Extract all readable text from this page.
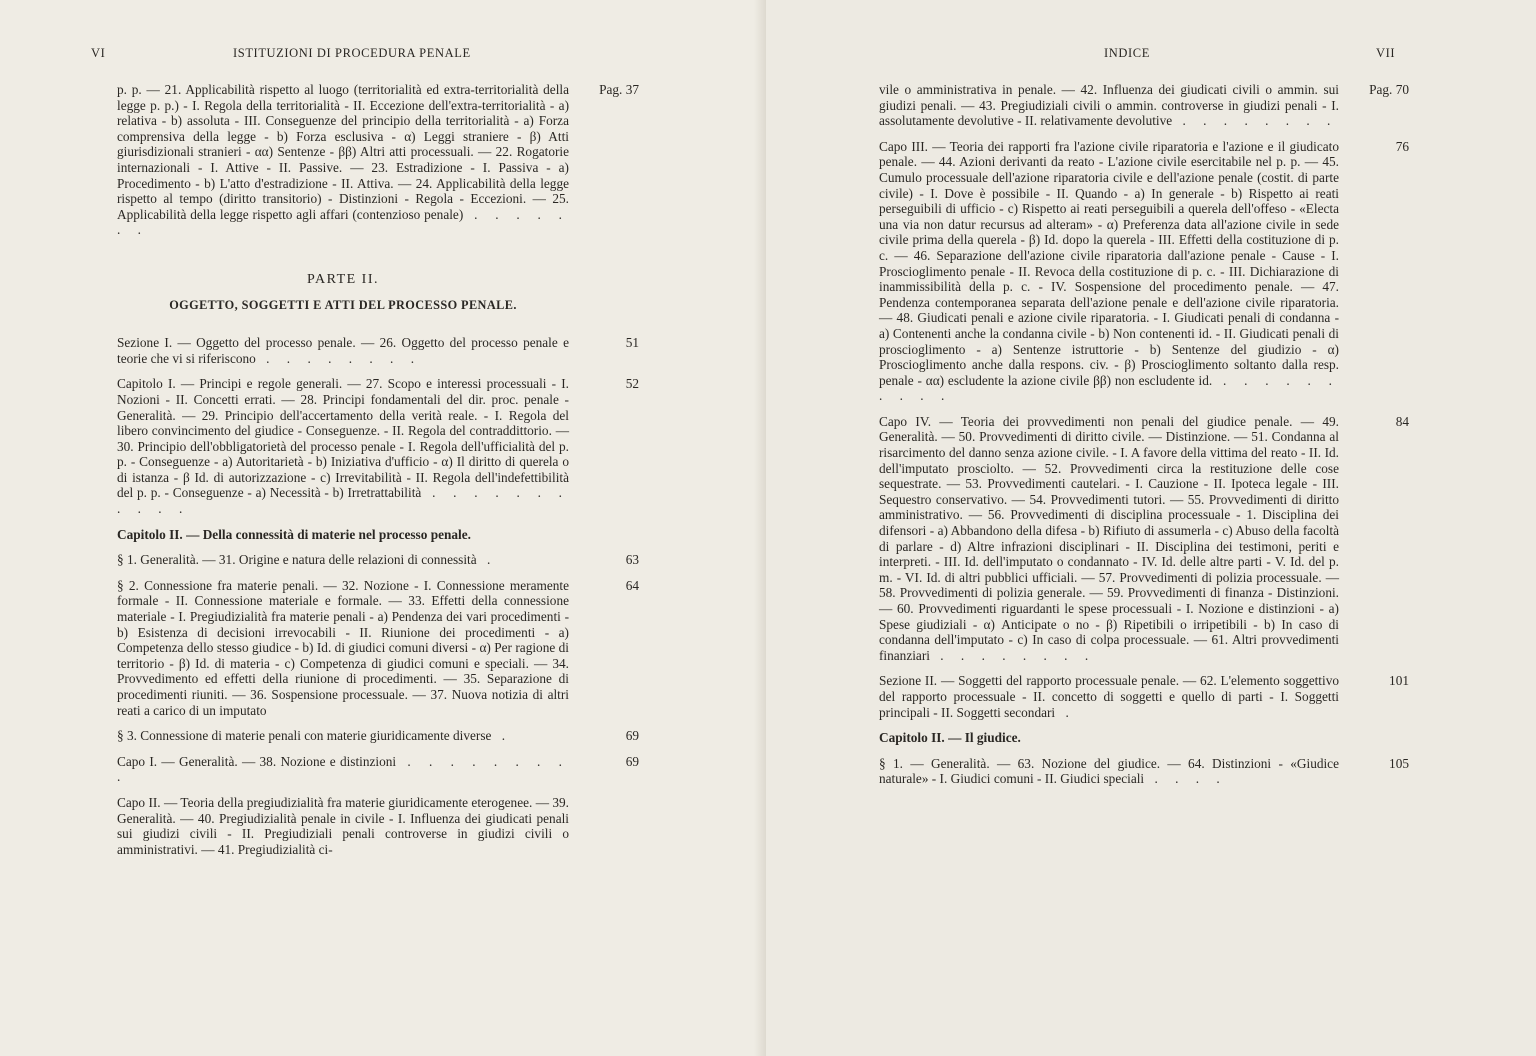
VI	ISTITUZIONI DI PROCEDURA PENALE
Pag. 37
p. p. — 21. Applicabilità rispetto al luogo (territorialità ed extra-territorialità della legge p. p.) - I. Regola della territorialità - II. Eccezione dell'extra-territorialità - a) relativa - b) assoluta - III. Conseguenze del principio della territorialità - a) Forza comprensiva della legge - b) Forza esclusiva - α) Leggi straniere - β) Atti giurisdizionali stranieri - αα) Sentenze - ββ) Altri atti processuali. — 22. Rogatorie internazionali - I. Attive - II. Passive. — 23. Estradizione - I. Passiva - a) Procedimento - b) L'atto d'estradizione - II. Attiva. — 24. Applicabilità della legge rispetto al tempo (diritto transitorio) - Distinzioni - Regola - Eccezioni. — 25. Applicabilità della legge rispetto agli affari (contenzioso penale) . . . . . . .
PARTE II.
OGGETTO, SOGGETTI E ATTI DEL PROCESSO PENALE.
51
Sezione I. — Oggetto del processo penale. — 26. Oggetto del processo penale e teorie che vi si riferiscono . . . . . . . .
52
Capitolo I. — Principi e regole generali. — 27. Scopo e interessi processuali - I. Nozioni - II. Concetti errati. — 28. Principi fondamentali del dir. proc. penale - Generalità. — 29. Principio dell'accertamento della verità reale. - I. Regola del libero convincimento del giudice - Conseguenze. - II. Regola del contraddittorio. — 30. Principio dell'obbligatorietà del processo penale - I. Regola dell'ufficialità del p. p. - Conseguenze - a) Autoritarietà - b) Iniziativa d'ufficio - α) Il diritto di querela o di istanza - β Id. di autorizzazione - c) Irrevitabilità - II. Regola dell'indefettibilità del p. p. - Conseguenze - a) Necessità - b) Irretrattabilità . . . . . . . . . . .
Capitolo II. — Della connessità di materie nel processo penale.
63
§ 1. Generalità. — 31. Origine e natura delle relazioni di connessità .
64
§ 2. Connessione fra materie penali. — 32. Nozione - I. Connessione meramente formale - II. Connessione materiale e formale. — 33. Effetti della connessione materiale - I. Pregiudizialità fra materie penali - a) Pendenza dei vari procedimenti - b) Esistenza di decisioni irrevocabili - II. Riunione dei procedimenti - a) Competenza dello stesso giudice - b) Id. di giudici comuni diversi - α) Per ragione di territorio - β) Id. di materia - c) Competenza di giudici comuni e speciali. — 34. Provvedimento ed effetti della riunione di procedimenti. — 35. Separazione di procedimenti riuniti. — 36. Sospensione processuale. — 37. Nuova notizia di altri reati a carico di un imputato
69
§ 3. Connessione di materie penali con materie giuridicamente diverse .
69
Capo I. — Generalità. — 38. Nozione e distinzioni . . . . . . . . .
Capo II. — Teoria della pregiudizialità fra materie giuridicamente eterogenee. — 39. Generalità. — 40. Pregiudizialità penale in civile - I. Influenza dei giudicati penali sui giudizi civili - II. Pregiudiziali penali controverse in giudizi civili o amministrativi. — 41. Pregiudizialità ci-
INDICE	VII
Pag. 70
vile o amministrativa in penale. — 42. Influenza dei giudicati civili o ammin. sui giudizi penali. — 43. Pregiudiziali civili o ammin. controverse in giudizi penali - I. assolutamente devolutive - II. relativamente devolutive . . . . . . . .
76
Capo III. — Teoria dei rapporti fra l'azione civile riparatoria e l'azione e il giudicato penale. — 44. Azioni derivanti da reato - L'azione civile esercitabile nel p. p. — 45. Cumulo processuale dell'azione riparatoria civile e dell'azione penale (costit. di parte civile) - I. Dove è possibile - II. Quando - a) In generale - b) Rispetto ai reati perseguibili di ufficio - c) Rispetto ai reati perseguibili a querela dell'offeso - «Electa una via non datur recursus ad alteram» - α) Preferenza data all'azione civile in sede civile prima della querela - β) Id. dopo la querela - III. Effetti della costituzione di p. c. — 46. Separazione dell'azione civile riparatoria dall'azione penale - Cause - I. Proscioglimento penale - II. Revoca della costituzione di p. c. - III. Dichiarazione di inammissibilità della p. c. - IV. Sospensione del procedimento penale. — 47. Pendenza contemporanea separata dell'azione penale e dell'azione civile riparatoria. — 48. Giudicati penali e azione civile riparatoria. - I. Giudicati penali di condanna - a) Contenenti anche la condanna civile - b) Non contenenti id. - II. Giudicati penali di proscioglimento - a) Sentenze istruttorie - b) Sentenze del giudizio - α) Proscioglimento anche dalla respons. civ. - β) Proscioglimento soltanto dalla resp. penale - αα) escludente la azione civile ββ) non escludente id. . . . . . . . . . .
84
Capo IV. — Teoria dei provvedimenti non penali del giudice penale. — 49. Generalità. — 50. Provvedimenti di diritto civile. — Distinzione. — 51. Condanna al risarcimento del danno senza azione civile. - I. A favore della vittima del reato - II. Id. dell'imputato prosciolto. — 52. Provvedimenti circa la restituzione delle cose sequestrate. — 53. Provvedimenti cautelari. - I. Cauzione - II. Ipoteca legale - III. Sequestro conservativo. — 54. Provvedimenti tutori. — 55. Provvedimenti di diritto amministrativo. — 56. Provvedimenti di disciplina processuale - 1. Disciplina dei difensori - a) Abbandono della difesa - b) Rifiuto di assumerla - c) Abuso della facoltà di parlare - d) Altre infrazioni disciplinari - II. Disciplina dei testimoni, periti e interpreti. - III. Id. dell'imputato o condannato - IV. Id. delle altre parti - V. Id. del p. m. - VI. Id. di altri pubblici ufficiali. — 57. Provvedimenti di polizia processuale. — 58. Provvedimenti di polizia generale. — 59. Provvedimenti di finanza - Distinzioni. — 60. Provvedimenti riguardanti le spese processuali - I. Nozione e distinzioni - a) Spese giudiziali - α) Anticipate o no - β) Ripetibili o irripetibili - b) In caso di condanna dell'imputato - c) In caso di colpa processuale. — 61. Altri provvedimenti finanziari . . . . . . . .
101
Sezione II. — Soggetti del rapporto processuale penale. — 62. L'elemento soggettivo del rapporto processuale - II. concetto di soggetti e quello di parti - I. Soggetti principali - II. Soggetti secondari .
Capitolo II. — Il giudice.
105
§ 1. — Generalità. — 63. Nozione del giudice. — 64. Distinzioni - «Giudice naturale» - I. Giudici comuni - II. Giudici speciali . . . .
